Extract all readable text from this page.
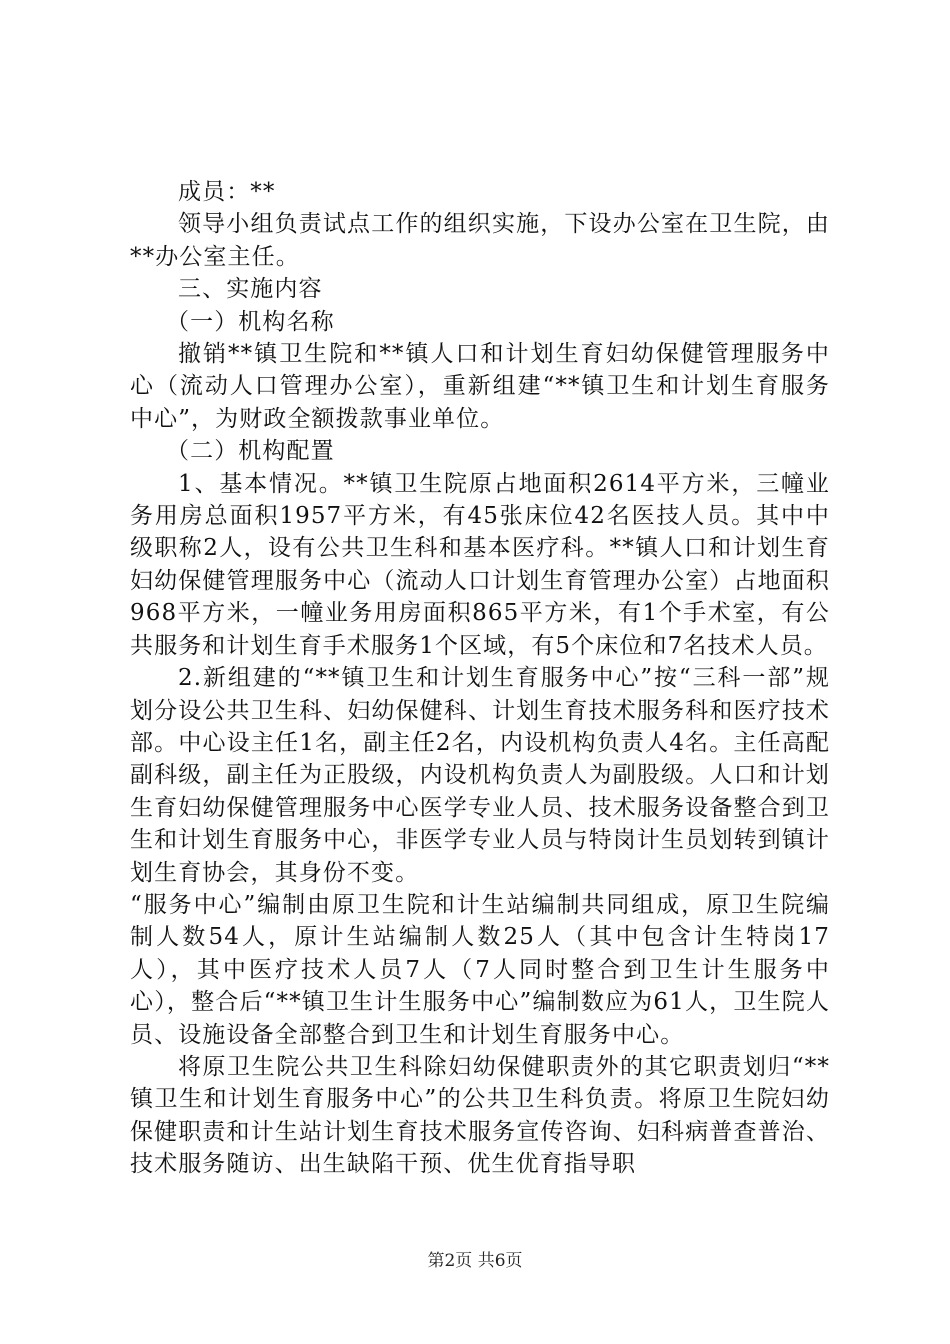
成员：**

领导小组负责试点工作的组织实施，下设办公室在卫生院，由**办公室主任。

三、实施内容

（一）机构名称

撤销**镇卫生院和**镇人口和计划生育妇幼保健管理服务中心（流动人口管理办公室），重新组建“**镇卫生和计划生育服务中心”，为财政全额拨款事业单位。

（二）机构配置

1、基本情况。**镇卫生院原占地面积2614平方米，三幢业务用房总面积1957平方米，有45张床位42名医技人员。其中中级职称2人，设有公共卫生科和基本医疗科。**镇人口和计划生育妇幼保健管理服务中心（流动人口计划生育管理办公室）占地面积968平方米，一幢业务用房面积865平方米，有1个手术室，有公共服务和计划生育手术服务1个区域，有5个床位和7名技术人员。

2.新组建的“**镇卫生和计划生育服务中心”按“三科一部”规划分设公共卫生科、妇幼保健科、计划生育技术服务科和医疗技术部。中心设主任1名，副主任2名，内设机构负责人4名。主任高配副科级，副主任为正股级，内设机构负责人为副股级。人口和计划生育妇幼保健管理服务中心医学专业人员、技术服务设备整合到卫生和计划生育服务中心，非医学专业人员与特岗计生员划转到镇计划生育协会，其身份不变。

“服务中心”编制由原卫生院和计生站编制共同组成，原卫生院编制人数54人，原计生站编制人数25人（其中包含计生特岗17人），其中医疗技术人员7人（7人同时整合到卫生计生服务中心），整合后“**镇卫生计生服务中心”编制数应为61人，卫生院人员、设施设备全部整合到卫生和计划生育服务中心。

将原卫生院公共卫生科除妇幼保健职责外的其它职责划归“**镇卫生和计划生育服务中心”的公共卫生科负责。将原卫生院妇幼保健职责和计生站计划生育技术服务宣传咨询、妇科病普查普治、技术服务随访、出生缺陷干预、优生优育指导职

第2页 共6页
